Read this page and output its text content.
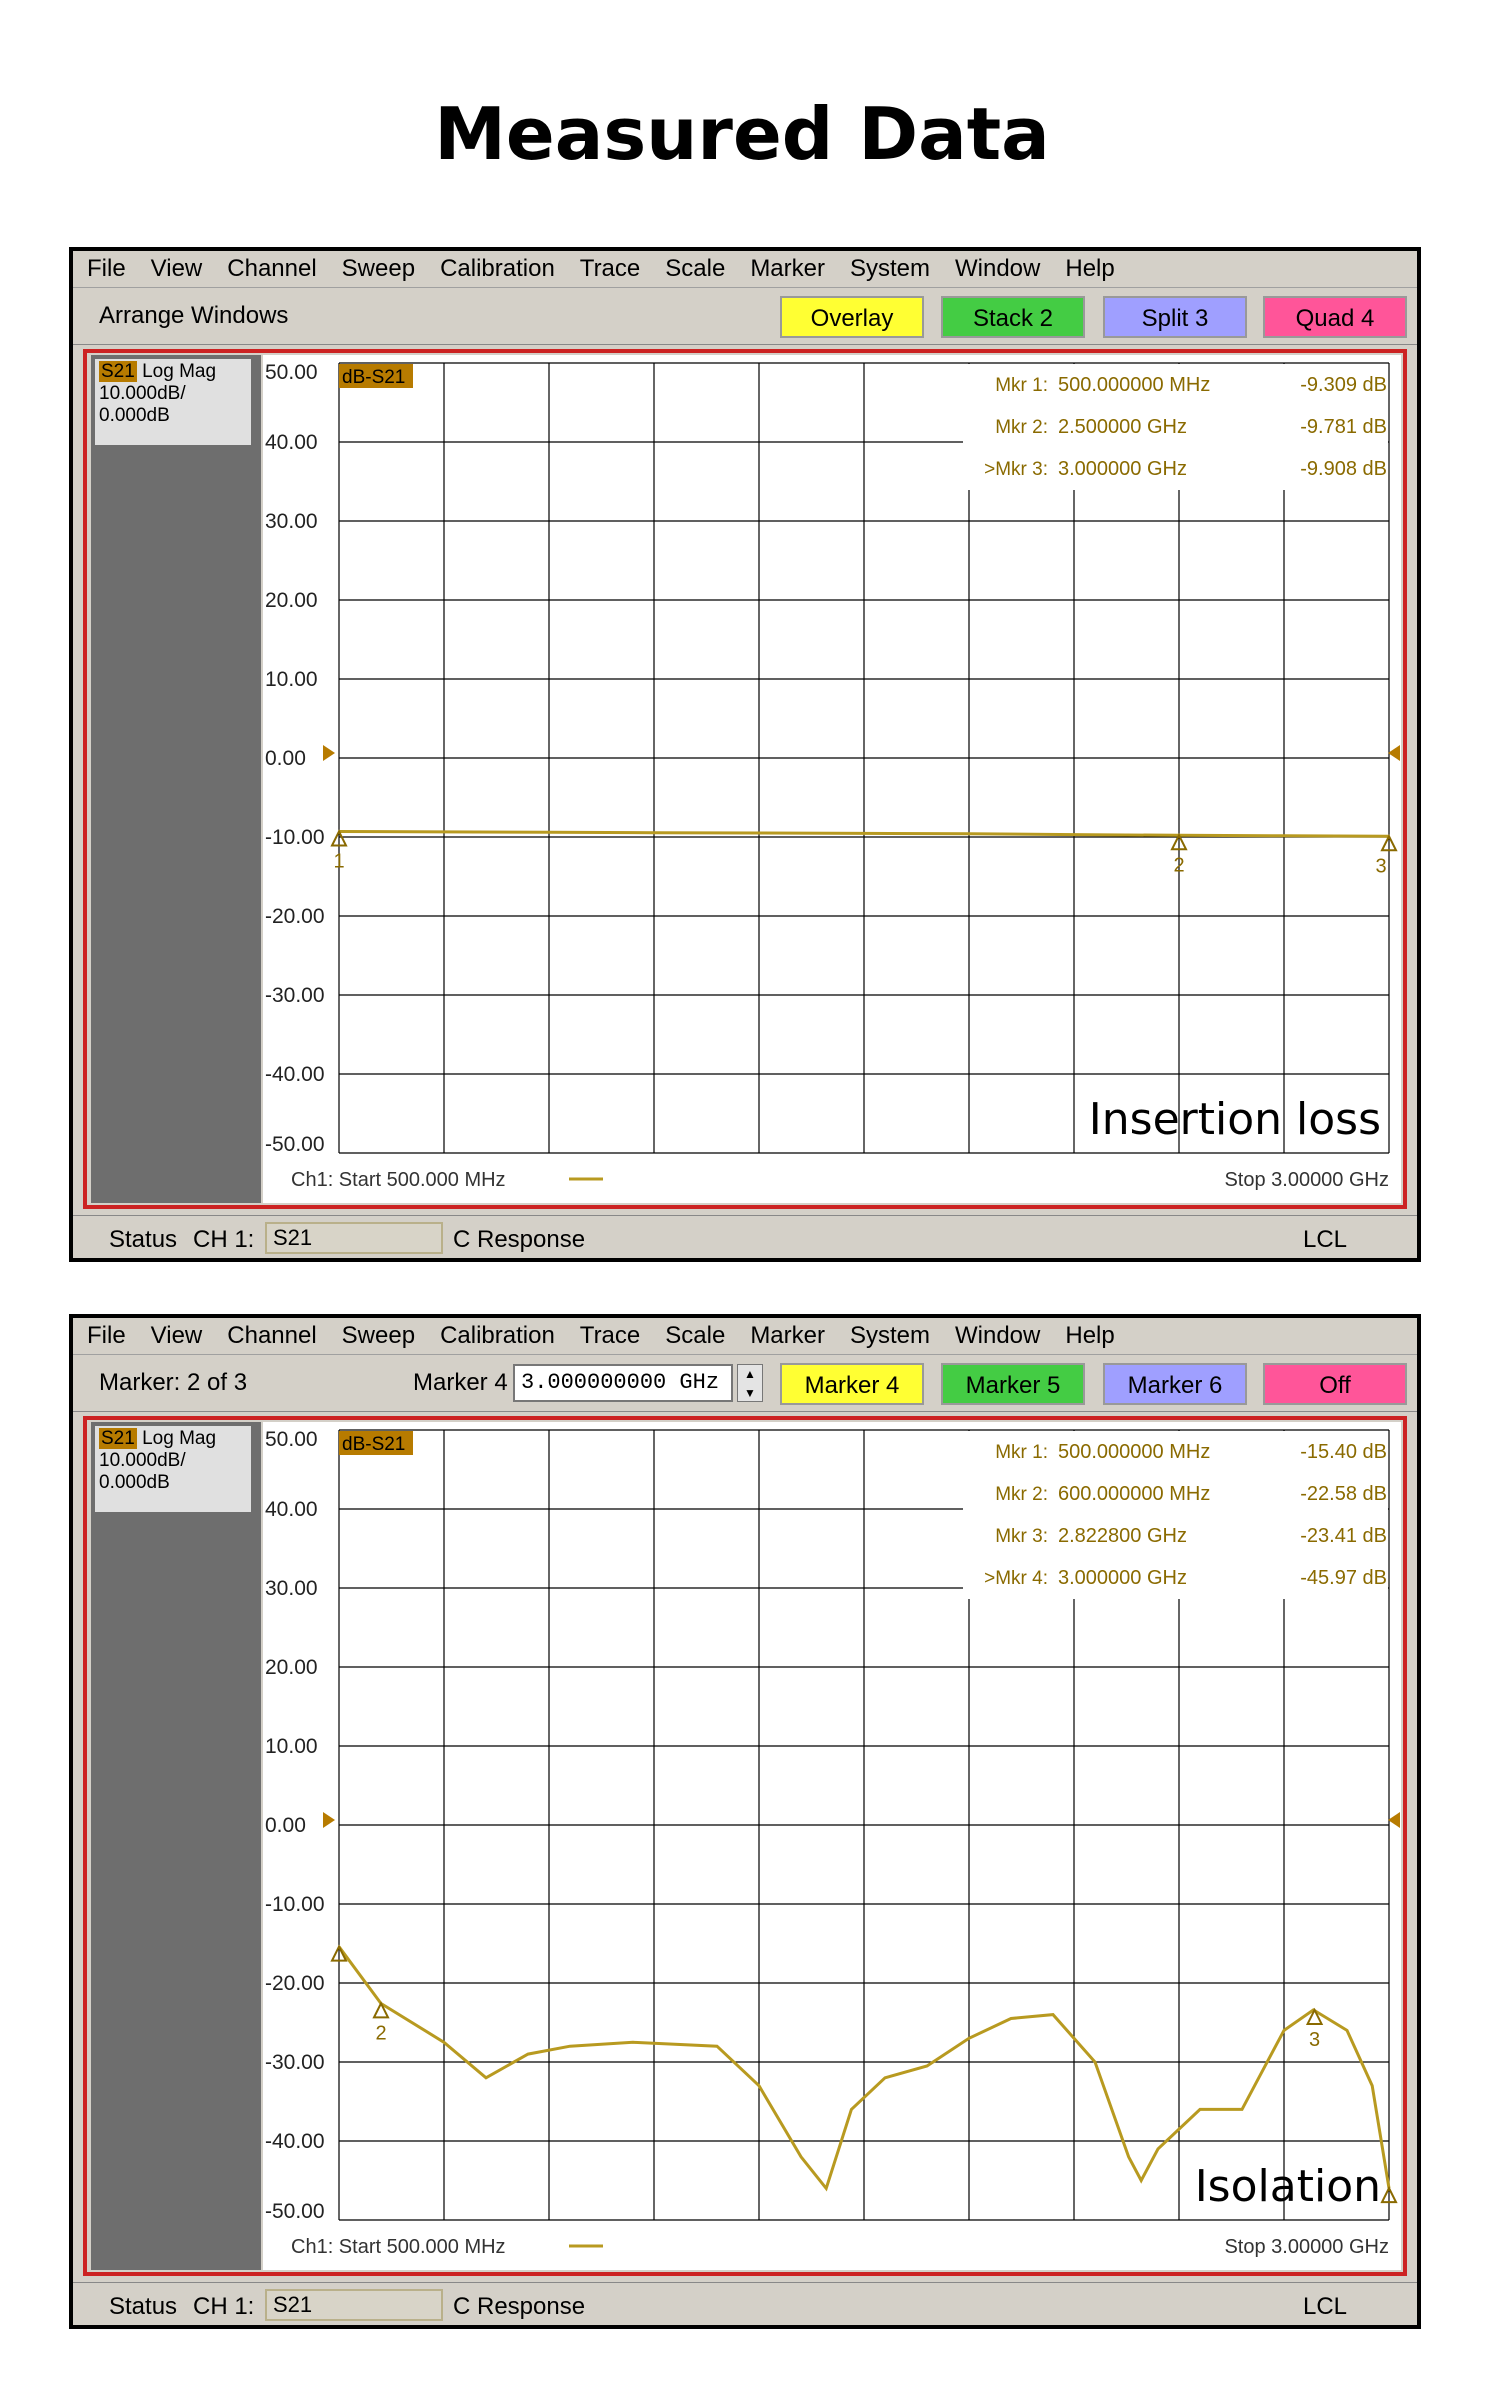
Measured Data
File View Channel Sweep Calibration Trace Scale Marker System Window Help
Arrange Windows	Overlay	Stack 2	Split 3	Quad 4
S21 Log Mag
10.000dB/
0.000dB
50.00
40.00
30.00
20.00
10.00
0.00
-10.00
-20.00
-30.00
-40.00
-50.00
dB-S21	Mkr 1: 500.000000 MHz	-9.309 dB
Mkr 2: 2.500000 GHz	-9.781 dB
>Mkr 3: 3.000000 GHz	-9.908 dB
1	2	3
Ch1: Start 500.000 MHz	Stop 3.00000 GHz
Insertion loss
Status CH 1: S21	C Response	LCL
File View Channel Sweep Calibration Trace Scale Marker System Window Help
Marker: 2 of 3	Marker 4 3.000000000 GHz	▲
▼	Marker 4	Marker 5	Marker 6	Off
S21 Log Mag
10.000dB/
0.000dB
50.00
40.00
30.00
20.00
10.00
0.00
-10.00
-20.00
-30.00
-40.00
-50.00
dB-S21	Mkr 1: 500.000000 MHz	-15.40 dB
Mkr 2: 600.000000 MHz	-22.58 dB
Mkr 3: 2.822800 GHz	-23.41 dB
>Mkr 4: 3.000000 GHz	-45.97 dB
2	3
Ch1: Start 500.000 MHz	Stop 3.00000 GHz
Isolation
Status CH 1: S21	C Response	LCL
